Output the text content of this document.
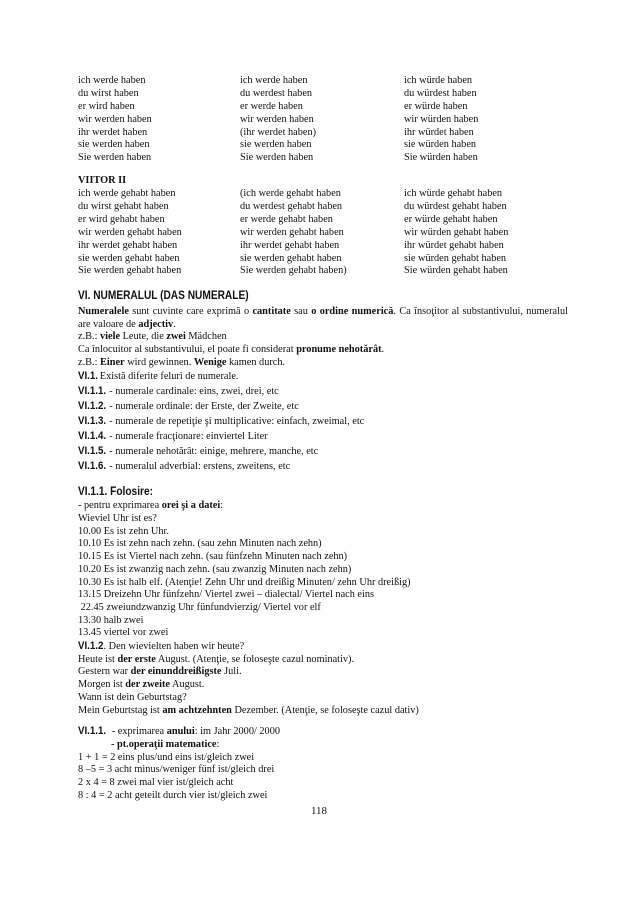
ich werde haben	ich werde haben	ich würde haben
du wirst haben	du werdest haben	du würdest haben
er wird haben	er werde haben	er würde haben
wir werden haben	wir werden haben	wir würden haben
ihr werdet haben	(ihr werdet haben)	ihr würdet haben
sie werden haben	sie werden haben	sie würden haben
Sie werden haben	Sie werden haben	Sie würden haben
VIITOR II
ich werde gehabt haben	(ich werde gehabt haben	ich würde gehabt haben
du wirst gehabt haben	du werdest gehabt haben	du würdest gehabt haben
er wird gehabt haben	er werde gehabt haben	er würde gehabt haben
wir werden gehabt haben	wir werden gehabt haben	wir würden gehabt haben
ihr werdet gehabt haben	ihr werdet gehabt haben	ihr würdet gehabt haben
sie werden gehabt haben	sie werden gehabt haben	sie würden gehabt haben
Sie werden gehabt haben	Sie werden gehabt haben)	Sie würden gehabt haben
VI. NUMERALUL (DAS NUMERALE)
Numeralele sunt cuvinte care exprimă o cantitate sau o ordine numerică. Ca însoţitor al substantivului, numeralul are valoare de adjectiv.
z.B.: viele Leute, die zwei Mädchen
Ca înlocuitor al substantivului, el poate fi considerat pronume nehotărât.
z.B.: Einer wird gewinnen. Wenige kamen durch.
VI.1. Există diferite feluri de numerale.
VI.1.1. - numerale cardinale: eins, zwei, drei, etc
VI.1.2. - numerale ordinale: der Erste, der Zweite, etc
VI.1.3. - numerale de repetiţie şi multiplicative: einfach, zweimal, etc
VI.1.4. - numerale fracţionare: einviertel Liter
VI.1.5. - numerale nehotărât: einige, mehrere, manche, etc
VI.1.6. - numeralul adverbial: erstens, zweitens, etc
VI.1.1. Folosire:
- pentru exprimarea orei şi a datei:
Wieviel Uhr ist es?
10.00 Es ist zehn Uhr.
10.10 Es ist zehn nach zehn. (sau zehn Minuten nach zehn)
10.15 Es ist Viertel nach zehn. (sau fünfzehn Minuten nach zehn)
10.20 Es ist zwanzig nach zehn. (sau zwanzig Minuten nach zehn)
10.30 Es ist halb elf. (Atenţie! Zehn Uhr und dreißig Minuten/ zehn Uhr dreißig)
13.15 Dreizehn Uhr fünfzehn/ Viertel zwei – dialectal/ Viertel nach eins
22.45 zweiundzwanzig Uhr fünfundvierzig/ Viertel vor elf
13.30 halb zwei
13.45 viertel vor zwei
VI.1.2. Den wievielten haben wir heute?
Heute ist der erste August. (Atenţie, se foloseşte cazul nominativ).
Gestern war der einunddreißigste Juli.
Morgen ist der zweite August.
Wann ist dein Geburtstag?
Mein Geburtstag ist am achtzehnten Dezember. (Atenţie, se foloseşte cazul dativ)
VI.1.1.  - exprimarea anului: im Jahr 2000/ 2000
- pt.operaţii matematice:
1 + 1 = 2 eins plus/und eins ist/gleich zwei
8 –5 = 3 acht minus/weniger fünf ist/gleich drei
2 x 4 = 8 zwei mal vier ist/gleich acht
8 : 4 = 2 acht geteilt durch vier ist/gleich zwei
118
